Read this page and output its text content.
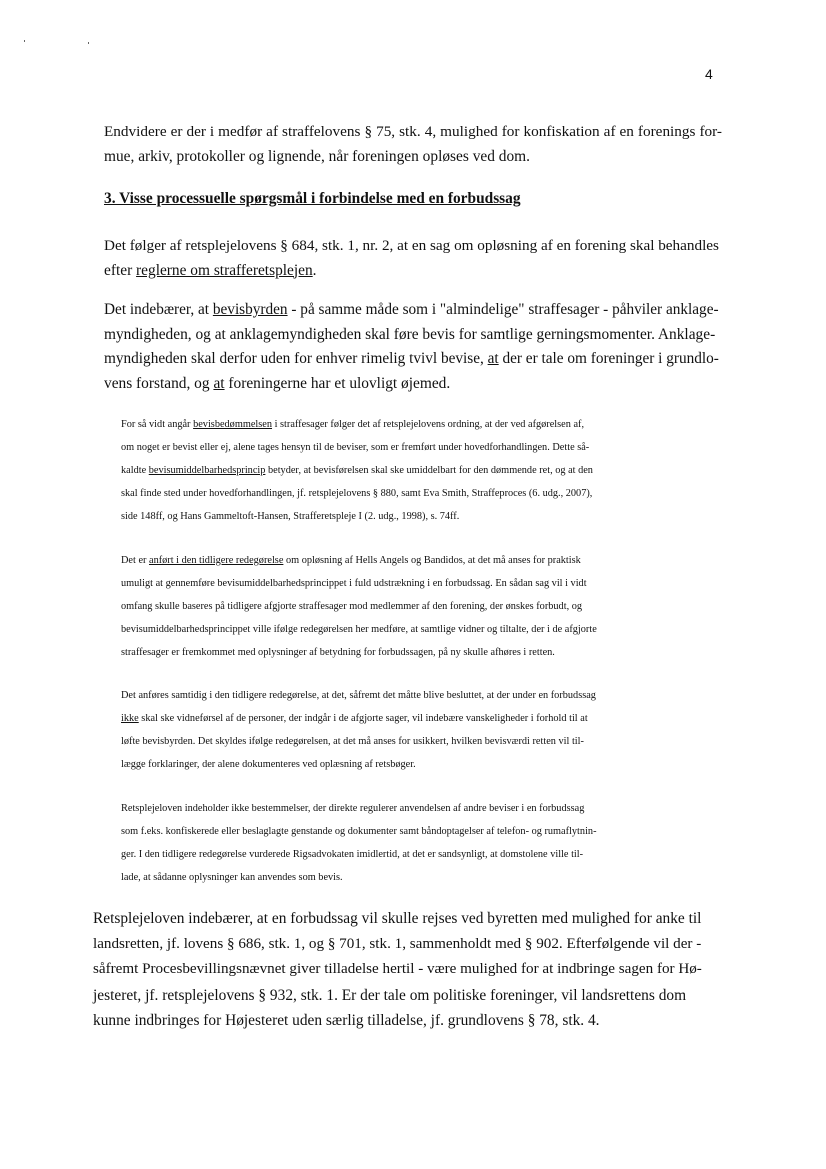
4
Endvidere er der i medfør af straffelovens § 75, stk. 4, mulighed for konfiskation af en forenings for-
mue, arkiv, protokoller og lignende, når foreningen opløses ved dom.
3. Visse processuelle spørgsmål i forbindelse med en forbudssag
Det følger af retsplejelovens § 684, stk. 1, nr. 2, at en sag om opløsning af en forening skal behandles
efter reglerne om strafferetsplejen.
Det indebærer, at bevisbyrden - på samme måde som i "almindelige" straffesager - påhviler anklage-
myndigheden, og at anklagemyndigheden skal føre bevis for samtlige gerningsmomenter. Anklage-
myndigheden skal derfor uden for enhver rimelig tvivl bevise, at der er tale om foreninger i grundlo-
vens forstand, og at foreningerne har et ulovligt øjemed.
For så vidt angår bevisbedømmelsen i straffesager følger det af retsplejelovens ordning, at der ved afgørelsen af,
om noget er bevist eller ej, alene tages hensyn til de beviser, som er fremført under hovedforhandlingen. Dette så-
kaldte bevisumiddelbarhedsprincip betyder, at bevisførelsen skal ske umiddelbart for den dømmende ret, og at den
skal finde sted under hovedforhandlingen, jf. retsplejelovens § 880, samt Eva Smith, Straffeproces (6. udg., 2007),
side 148ff, og Hans Gammeltoft-Hansen, Strafferetspleje I (2. udg., 1998), s. 74ff.
Det er anført i den tidligere redegørelse om opløsning af Hells Angels og Bandidos, at det må anses for praktisk
umuligt at gennemføre bevisumiddelbarhedsprincippet i fuld udstrækning i en forbudssag. En sådan sag vil i vidt
omfang skulle baseres på tidligere afgjorte straffesager mod medlemmer af den forening, der ønskes forbudt, og
bevisumiddelbarhedsprincippet ville ifølge redegørelsen her medføre, at samtlige vidner og tiltalte, der i de afgjorte
straffesager er fremkommet med oplysninger af betydning for forbudssagen, på ny skulle afhøres i retten.
Det anføres samtidig i den tidligere redegørelse, at det, såfremt det måtte blive besluttet, at der under en forbudssag
ikke skal ske vidneførsel af de personer, der indgår i de afgjorte sager, vil indebære vanskeligheder i forhold til at
løfte bevisbyrden. Det skyldes ifølge redegørelsen, at det må anses for usikkert, hvilken bevisværdi retten vil til-
lægge forklaringer, der alene dokumenteres ved oplæsning af retsbøger.
Retsplejeloven indeholder ikke bestemmelser, der direkte regulerer anvendelsen af andre beviser i en forbudssag
som f.eks. konfiskerede eller beslaglagte genstande og dokumenter samt båndoptagelser af telefon- og rumaflytnin-
ger. I den tidligere redegørelse vurderede Rigsadvokaten imidlertid, at det er sandsynligt, at domstolene ville til-
lade, at sådanne oplysninger kan anvendes som bevis.
Retsplejeloven indebærer, at en forbudssag vil skulle rejses ved byretten med mulighed for anke til
landsretten, jf. lovens § 686, stk. 1, og § 701, stk. 1, sammenholdt med § 902. Efterfølgende vil der -
såfremt Procesbevillingsnævnet giver tilladelse hertil - være mulighed for at indbringe sagen for Hø-
jesteret, jf. retsplejelovens § 932, stk. 1. Er der tale om politiske foreninger, vil landsrettens dom
kunne indbringes for Højesteret uden særlig tilladelse, jf. grundlovens § 78, stk. 4.
